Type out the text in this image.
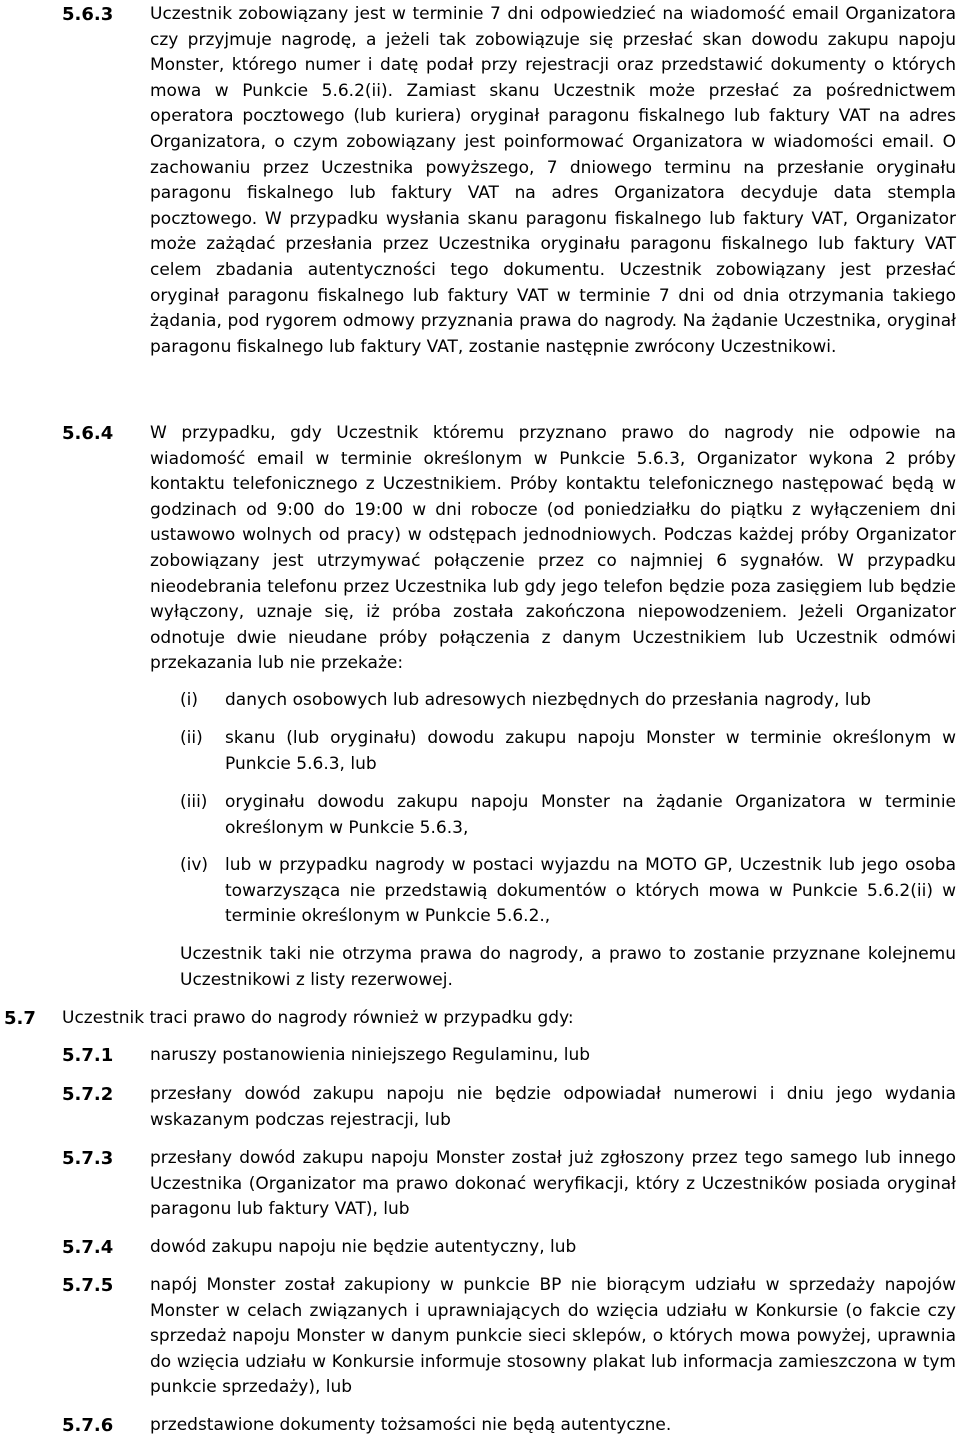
5.6.3 Uczestnik zobowiązany jest w terminie 7 dni odpowiedzieć na wiadomość email Organizatora czy przyjmuje nagrodę, a jeżeli tak zobowiązuje się przesłać skan dowodu zakupu napoju Monster, którego numer i datę podał przy rejestracji oraz przedstawić dokumenty o których mowa w Punkcie 5.6.2(ii). Zamiast skanu Uczestnik może przesłać za pośrednictwem operatora pocztowego (lub kuriera) oryginał paragonu fiskalnego lub faktury VAT na adres Organizatora, o czym zobowiązany jest poinformować Organizatora w wiadomości email. O zachowaniu przez Uczestnika powyższego, 7 dniowego terminu na przesłanie oryginału paragonu fiskalnego lub faktury VAT na adres Organizatora decyduje data stempla pocztowego. W przypadku wysłania skanu paragonu fiskalnego lub faktury VAT, Organizator może zażądać przesłania przez Uczestnika oryginału paragonu fiskalnego lub faktury VAT celem zbadania autentyczności tego dokumentu. Uczestnik zobowiązany jest przesłać oryginał paragonu fiskalnego lub faktury VAT w terminie 7 dni od dnia otrzymania takiego żądania, pod rygorem odmowy przyznania prawa do nagrody. Na żądanie Uczestnika, oryginał paragonu fiskalnego lub faktury VAT, zostanie następnie zwrócony Uczestnikowi.
5.6.4 W przypadku, gdy Uczestnik któremu przyznano prawo do nagrody nie odpowie na wiadomość email w terminie określonym w Punkcie 5.6.3, Organizator wykona 2 próby kontaktu telefonicznego z Uczestnikiem. Próby kontaktu telefonicznego następować będą w godzinach od 9:00 do 19:00 w dni robocze (od poniedziałku do piątku z wyłączeniem dni ustawowo wolnych od pracy) w odstępach jednodniowych. Podczas każdej próby Organizator zobowiązany jest utrzymywać połączenie przez co najmniej 6 sygnałów. W przypadku nieodebrania telefonu przez Uczestnika lub gdy jego telefon będzie poza zasięgiem lub będzie wyłączony, uznaje się, iż próba została zakończona niepowodzeniem. Jeżeli Organizator odnotuje dwie nieudane próby połączenia z danym Uczestnikiem lub Uczestnik odmówi przekazania lub nie przekaże:
(i) danych osobowych lub adresowych niezbędnych do przesłania nagrody, lub
(ii) skanu (lub oryginału) dowodu zakupu napoju Monster w terminie określonym w Punkcie 5.6.3, lub
(iii) oryginału dowodu zakupu napoju Monster na żądanie Organizatora w terminie określonym w Punkcie 5.6.3,
(iv) lub w przypadku nagrody w postaci wyjazdu na MOTO GP, Uczestnik lub jego osoba towarzysząca nie przedstawią dokumentów o których mowa w Punkcie 5.6.2(ii) w terminie określonym w Punkcie 5.6.2.,
Uczestnik taki nie otrzyma prawa do nagrody, a prawo to zostanie przyznane kolejnemu Uczestnikowi z listy rezerwowej.
5.7 Uczestnik traci prawo do nagrody również w przypadku gdy:
5.7.1 naruszy postanowienia niniejszego Regulaminu, lub
5.7.2 przesłany dowód zakupu napoju nie będzie odpowiadał numerowi i dniu jego wydania wskazanym podczas rejestracji, lub
5.7.3 przesłany dowód zakupu napoju Monster został już zgłoszony przez tego samego lub innego Uczestnika (Organizator ma prawo dokonać weryfikacji, który z Uczestników posiada oryginał paragonu lub faktury VAT), lub
5.7.4 dowód zakupu napoju nie będzie autentyczny, lub
5.7.5 napój Monster został zakupiony w punkcie BP nie biorącym udziału w sprzedaży napojów Monster w celach związanych i uprawniających do wzięcia udziału w Konkursie (o fakcie czy sprzedaż napoju Monster w danym punkcie sieci sklepów, o których mowa powyżej, uprawnia do wzięcia udziału w Konkursie informuje stosowny plakat lub informacja zamieszczona w tym punkcie sprzedaży), lub
5.7.6 przedstawione dokumenty tożsamości nie będą autentyczne.
